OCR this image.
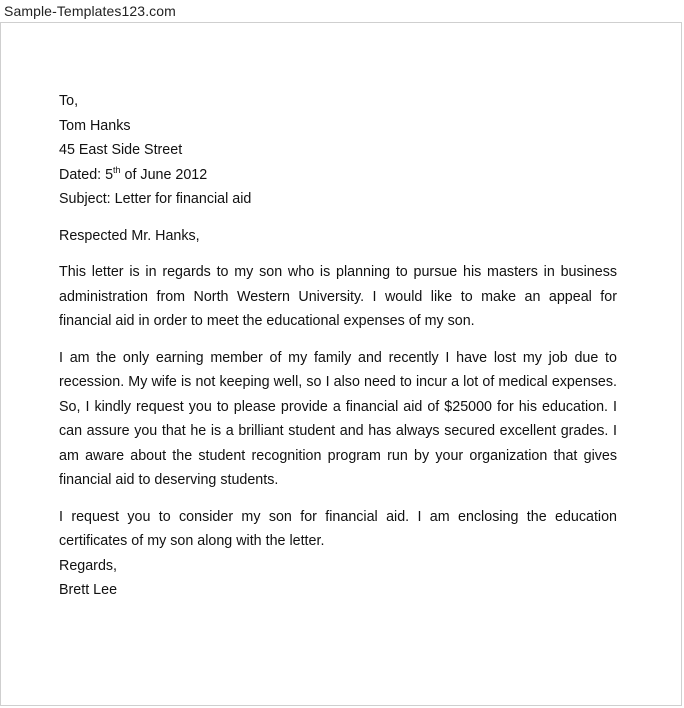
Sample-Templates123.com
To,
Tom Hanks
45 East Side Street
Dated: 5th of June 2012
Subject: Letter for financial aid
Respected Mr. Hanks,
This letter is in regards to my son who is planning to pursue his masters in business administration from North Western University. I would like to make an appeal for financial aid in order to meet the educational expenses of my son.
I am the only earning member of my family and recently I have lost my job due to recession. My wife is not keeping well, so I also need to incur a lot of medical expenses. So, I kindly request you to please provide a financial aid of $25000 for his education. I can assure you that he is a brilliant student and has always secured excellent grades. I am aware about the student recognition program run by your organization that gives financial aid to deserving students.
I request you to consider my son for financial aid. I am enclosing the education certificates of my son along with the letter.
Regards,
Brett Lee
